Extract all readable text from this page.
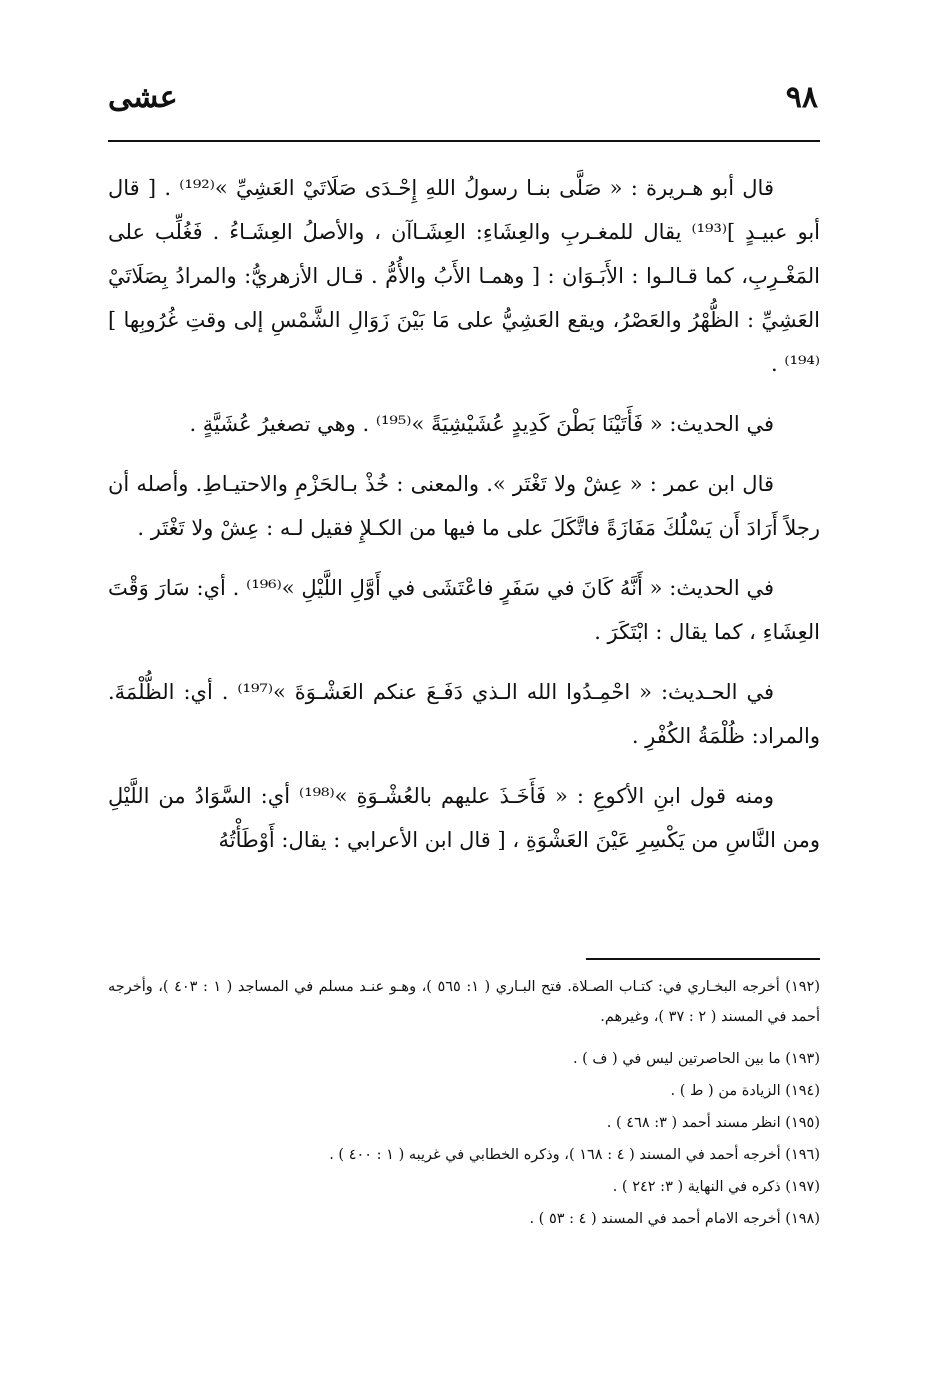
٩٨
عشى

قال أبو هـريرة : « صَلَّى بنـا رسولُ اللهِ إِحْـدَى صَلَاتَيْ العَشِيِّ »⁽¹⁹²⁾ . [ قال أبو عبيـدٍ ]⁽¹⁹³⁾ يقال للمغـربِ والعِشَاءِ: العِشَـاآن ، والأصلُ العِشَـاءُ . فَغُلِّب على المَغْـرِبِ، كما قـالـوا : الأَبَـوَان : [ وهمـا الأَبُ والأُمُّ . قـال الأزهريُّ: والمرادُ بِصَلَاتَيْ العَشِيِّ : الظُّهْرُ والعَصْرُ، ويقع العَشِيُّ على مَا بَيْنَ زَوَالِ الشَّمْسِ إلى وقتِ غُرُوبِها ]⁽¹⁹⁴⁾ .

في الحديث: « فَأَتَيْنَا بَطْنَ كَدِيدٍ عُشَيْشِيَةً »⁽¹⁹⁵⁾ . وهي تصغيرُ عُشَيَّةٍ .

قال ابن عمر : « عِشْ ولا تَغْتَر ». والمعنى : خُذْ بـالحَزْمِ والاحتيـاطِ. وأصله أن رجلاً أَرَادَ أَن يَسْلُكَ مَفَازَةً فاتَّكَلَ على ما فيها من الكـلإِ فقيل لـه : عِشْ ولا تَغْتَر .

في الحديث: « أَنَّهُ كَانَ في سَفَرٍ فاعْتَشَى في أَوَّلِ اللَّيْلِ »⁽¹⁹⁶⁾ . أي: سَارَ وَقْتَ العِشَاءِ ، كما يقال : ابْتَكَرَ .

في الحـديث: « احْمِـدُوا الله الـذي دَفَـعَ عنكم العَشْـوَةَ »⁽¹⁹⁷⁾ . أي: الظُّلْمَةَ. والمراد: ظُلْمَةُ الكُفْرِ .

ومنه قول ابنِ الأكوعِ : « فَأَخَـذَ عليهم بالعُشْـوَةِ »⁽¹⁹⁸⁾ أي: السَّوَادُ من اللَّيْلِ ومن النَّاسِ من يَكْسِرِ عَيْنَ العَشْوَةِ ، [ قال ابن الأعرابي : يقال: أَوْطَأْتُهُ

(١٩٢) أخرجه البخـاري في: كتـاب الصـلاة. فتح البـاري ( ١: ٥٦٥ )، وهـو عنـد مسلم في المساجد ( ١ : ٤٠٣ )، وأخرجه أحمد في المسند ( ٢ : ٣٧ )، وغيرهم.

(١٩٣) ما بين الحاصرتين ليس في ( ف ) .

(١٩٤) الزيادة من ( ط ) .

(١٩٥) انظر مسند أحمد ( ٣: ٤٦٨ ) .

(١٩٦) أخرجه أحمد في المسند ( ٤ : ١٦٨ )، وذكره الخطابي في غريبه ( ١ : ٤٠٠ ) .

(١٩٧) ذكره في النهاية ( ٣: ٢٤٢ ) .

(١٩٨) أخرجه الامام أحمد في المسند ( ٤ : ٥٣ ) .
